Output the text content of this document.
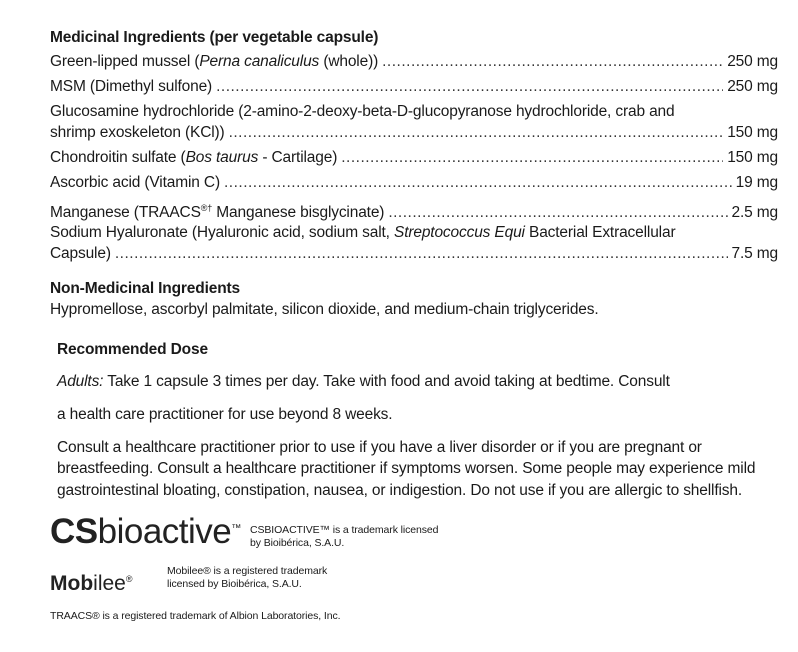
Medicinal Ingredients (per vegetable capsule)
Green-lipped mussel (Perna canaliculus (whole)) .....	250 mg
MSM (Dimethyl sulfone) .....	250 mg
Glucosamine hydrochloride (2-amino-2-deoxy-beta-D-glucopyranose hydrochloride, crab and
shrimp exoskeleton (KCl)) .....	150 mg
Chondroitin sulfate (Bos taurus - Cartilage) .....	150 mg
Ascorbic acid (Vitamin C) .....	19 mg
Manganese (TRAACS®† Manganese bisglycinate) .....	2.5 mg
Sodium Hyaluronate (Hyaluronic acid, sodium salt, Streptococcus Equi Bacterial Extracellular
Capsule) .....	7.5 mg
Non-Medicinal Ingredients
Hypromellose, ascorbyl palmitate, silicon dioxide, and medium-chain triglycerides.
Recommended Dose
Adults: Take 1 capsule 3 times per day. Take with food and avoid taking at bedtime. Consult
a health care practitioner for use beyond 8 weeks.
Consult a healthcare practitioner prior to use if you have a liver disorder or if you are pregnant or
breastfeeding. Consult a healthcare practitioner if symptoms worsen. Some people may experience mild
gastrointestinal bloating, constipation, nausea, or indigestion. Do not use if you are allergic to shellfish.
CSbioactive™ CSBIOACTIVE™ is a trademark licensed
by Bioibérica, S.A.U.
Mobilee®
Mobilee® is a registered trademark
licensed by Bioibérica, S.A.U.
TRAACS® is a registered trademark of Albion Laboratories, Inc.
